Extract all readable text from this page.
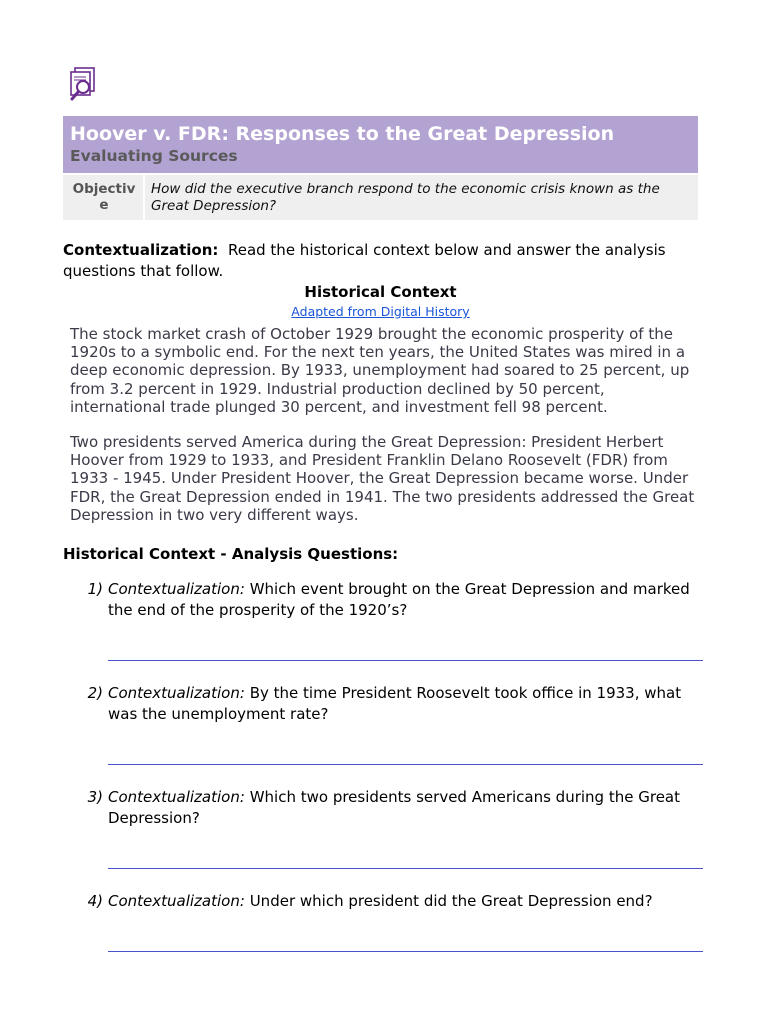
Hoover v. FDR: Responses to the Great Depression
Evaluating Sources
Objective
How did the executive branch respond to the economic crisis known as the Great Depression?
Contextualization: Read the historical context below and answer the analysis questions that follow.
Historical Context
Adapted from Digital History
The stock market crash of October 1929 brought the economic prosperity of the 1920s to a symbolic end. For the next ten years, the United States was mired in a deep economic depression. By 1933, unemployment had soared to 25 percent, up from 3.2 percent in 1929. Industrial production declined by 50 percent, international trade plunged 30 percent, and investment fell 98 percent.
Two presidents served America during the Great Depression: President Herbert Hoover from 1929 to 1933, and President Franklin Delano Roosevelt (FDR) from 1933 - 1945. Under President Hoover, the Great Depression became worse. Under FDR, the Great Depression ended in 1941. The two presidents addressed the Great Depression in two very different ways.
Historical Context - Analysis Questions:
1) Contextualization: Which event brought on the Great Depression and marked the end of the prosperity of the 1920’s?
2) Contextualization: By the time President Roosevelt took office in 1933, what was the unemployment rate?
3) Contextualization: Which two presidents served Americans during the Great Depression?
4) Contextualization: Under which president did the Great Depression end?
